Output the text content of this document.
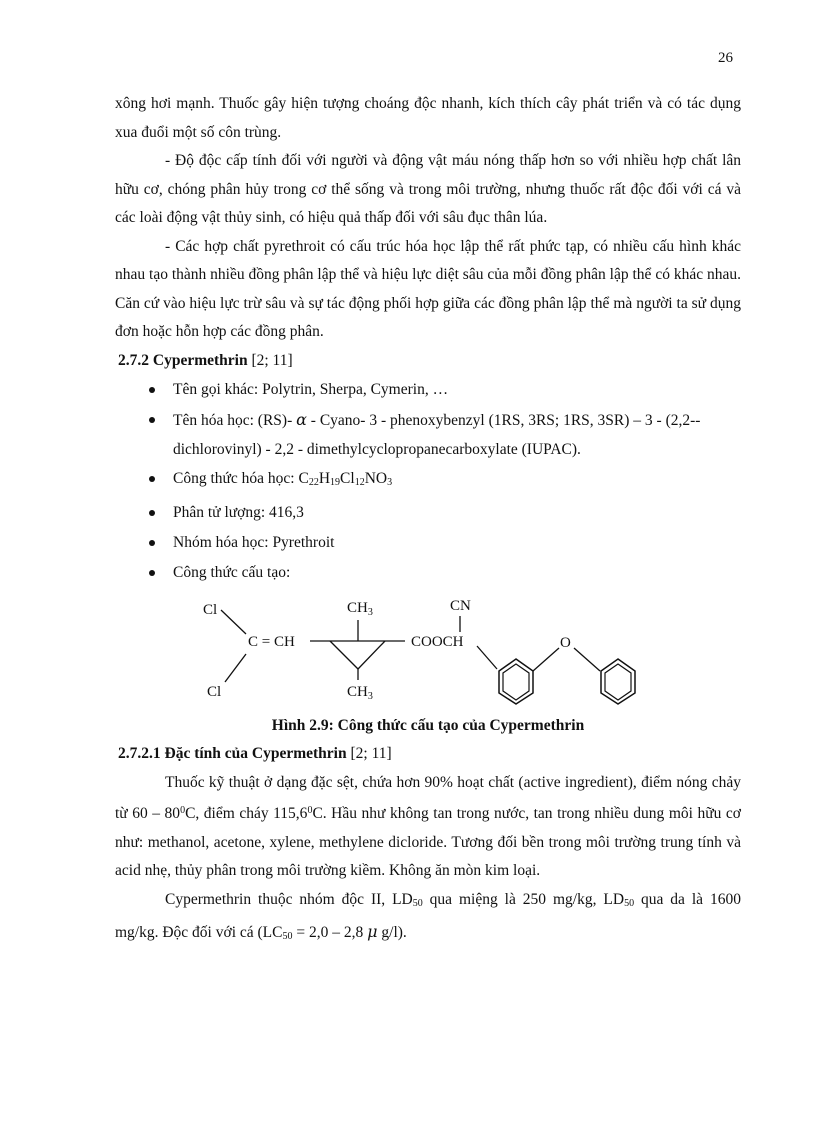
26

xông hơi mạnh. Thuốc gây hiện tượng choáng độc nhanh, kích thích cây phát triển và có tác dụng xua đuổi một số côn trùng.

- Độ độc cấp tính đối với người và động vật máu nóng thấp hơn so với nhiều hợp chất lân hữu cơ, chóng phân hủy trong cơ thể sống và trong môi trường, nhưng thuốc rất độc đối với cá và các loài động vật thủy sinh, có hiệu quả thấp đối với sâu đục thân lúa.

- Các hợp chất pyrethroit có cấu trúc hóa học lập thể rất phức tạp, có nhiều cấu hình khác nhau tạo thành nhiều đồng phân lập thể và hiệu lực diệt sâu của mỗi đồng phân lập thể có khác nhau. Căn cứ vào hiệu lực trừ sâu và sự tác động phối hợp giữa các đồng phân lập thể mà người ta sử dụng đơn hoặc hỗn hợp các đồng phân.

2.7.2 Cypermethrin [2; 11]
Tên gọi khác: Polytrin, Sherpa, Cymerin, …
Tên hóa học: (RS)- α - Cyano- 3 - phenoxybenzyl (1RS, 3RS; 1RS, 3SR) – 3 - (2,2--dichlorovinyl) - 2,2 - dimethylcyclopropanecarboxylate (IUPAC).
Công thức hóa học: $C_{22}H_{19}Cl_{12}NO_3$
Phân tử lượng: 416,3
Nhóm hóa học: Pyrethroit
Công thức cấu tạo:
Cl
C = CH
Cl
$CH_3$
$CH_3$
COOCH
CN
O
Hình 2.9: Công thức cấu tạo của Cypermethrin
2.7.2.1 Đặc tính của Cypermethrin [2; 11]

Thuốc kỹ thuật ở dạng đặc sệt, chứa hơn 90% hoạt chất (active ingredient), điểm nóng chảy từ $60 - 80^0C$, điểm cháy 115,6$^0$C. Hầu như không tan trong nước, tan trong nhiều dung môi hữu cơ như: methanol, acetone, xylene, methylene dicloride. Tương đối bền trong môi trường trung tính và acid nhẹ, thủy phân trong môi trường kiềm. Không ăn mòn kim loại.

Cypermethrin thuộc nhóm độc II, $LD_{50}$ qua miệng là 250 mg/kg, $LD_{50}$ qua da là 1600 mg/kg. Độc đối với cá ($LC_{50} = 2,0 - 2,8$ μ g/l).
